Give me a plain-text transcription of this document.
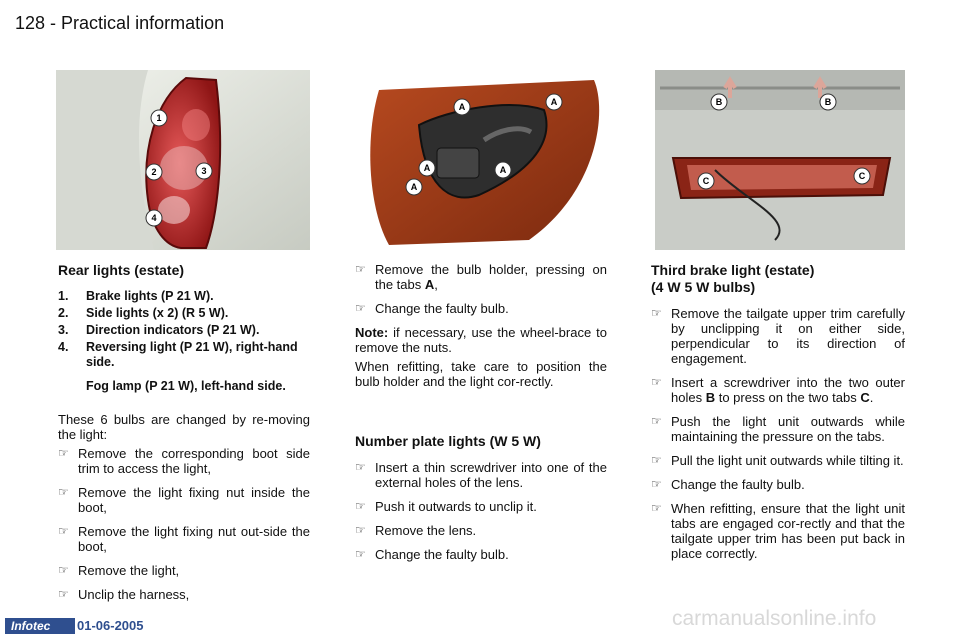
128 - Practical information
1
2	3
4
A	A
A	A
A
B	B
C	C
Rear lights (estate)
1.	Brake lights (P 21 W).
2.	Side lights (x 2) (R 5 W).
3.	Direction indicators (P 21 W).
4.	Reversing light (P 21 W), right-hand side.
Fog lamp (P 21 W), left-hand side.

These 6 bulbs are changed by re-moving the light:

☞ Remove the corresponding boot side trim to access the light,
☞ Remove the light fixing nut inside the boot,
☞ Remove the light fixing nut out-side the boot,
☞ Remove the light,
☞ Unclip the harness,
☞ Remove the bulb holder, pressing on the tabs A,
☞ Change the faulty bulb.

Note: if necessary, use the wheel-brace to remove the nuts.

When refitting, take care to position the bulb holder and the light cor-rectly.

Number plate lights (W 5 W)
☞ Insert a thin screwdriver into one of the external holes of the lens.
☞ Push it outwards to unclip it.
☞ Remove the lens.
☞ Change the faulty bulb.
Third brake light (estate)
(4 W 5 W bulbs)
☞ Remove the tailgate upper trim carefully by unclipping it on either side, perpendicular to its direction of engagement.
☞ Insert a screwdriver into the two outer holes B to press on the two tabs C.
☞ Push the light unit outwards while maintaining the pressure on the tabs.
☞ Pull the light unit outwards while tilting it.
☞ Change the faulty bulb.
☞ When refitting, ensure that the light unit tabs are engaged cor-rectly and that the tailgate upper trim has been put back in place correctly.
Infotec	01-06-2005	carmanualsonline.info
